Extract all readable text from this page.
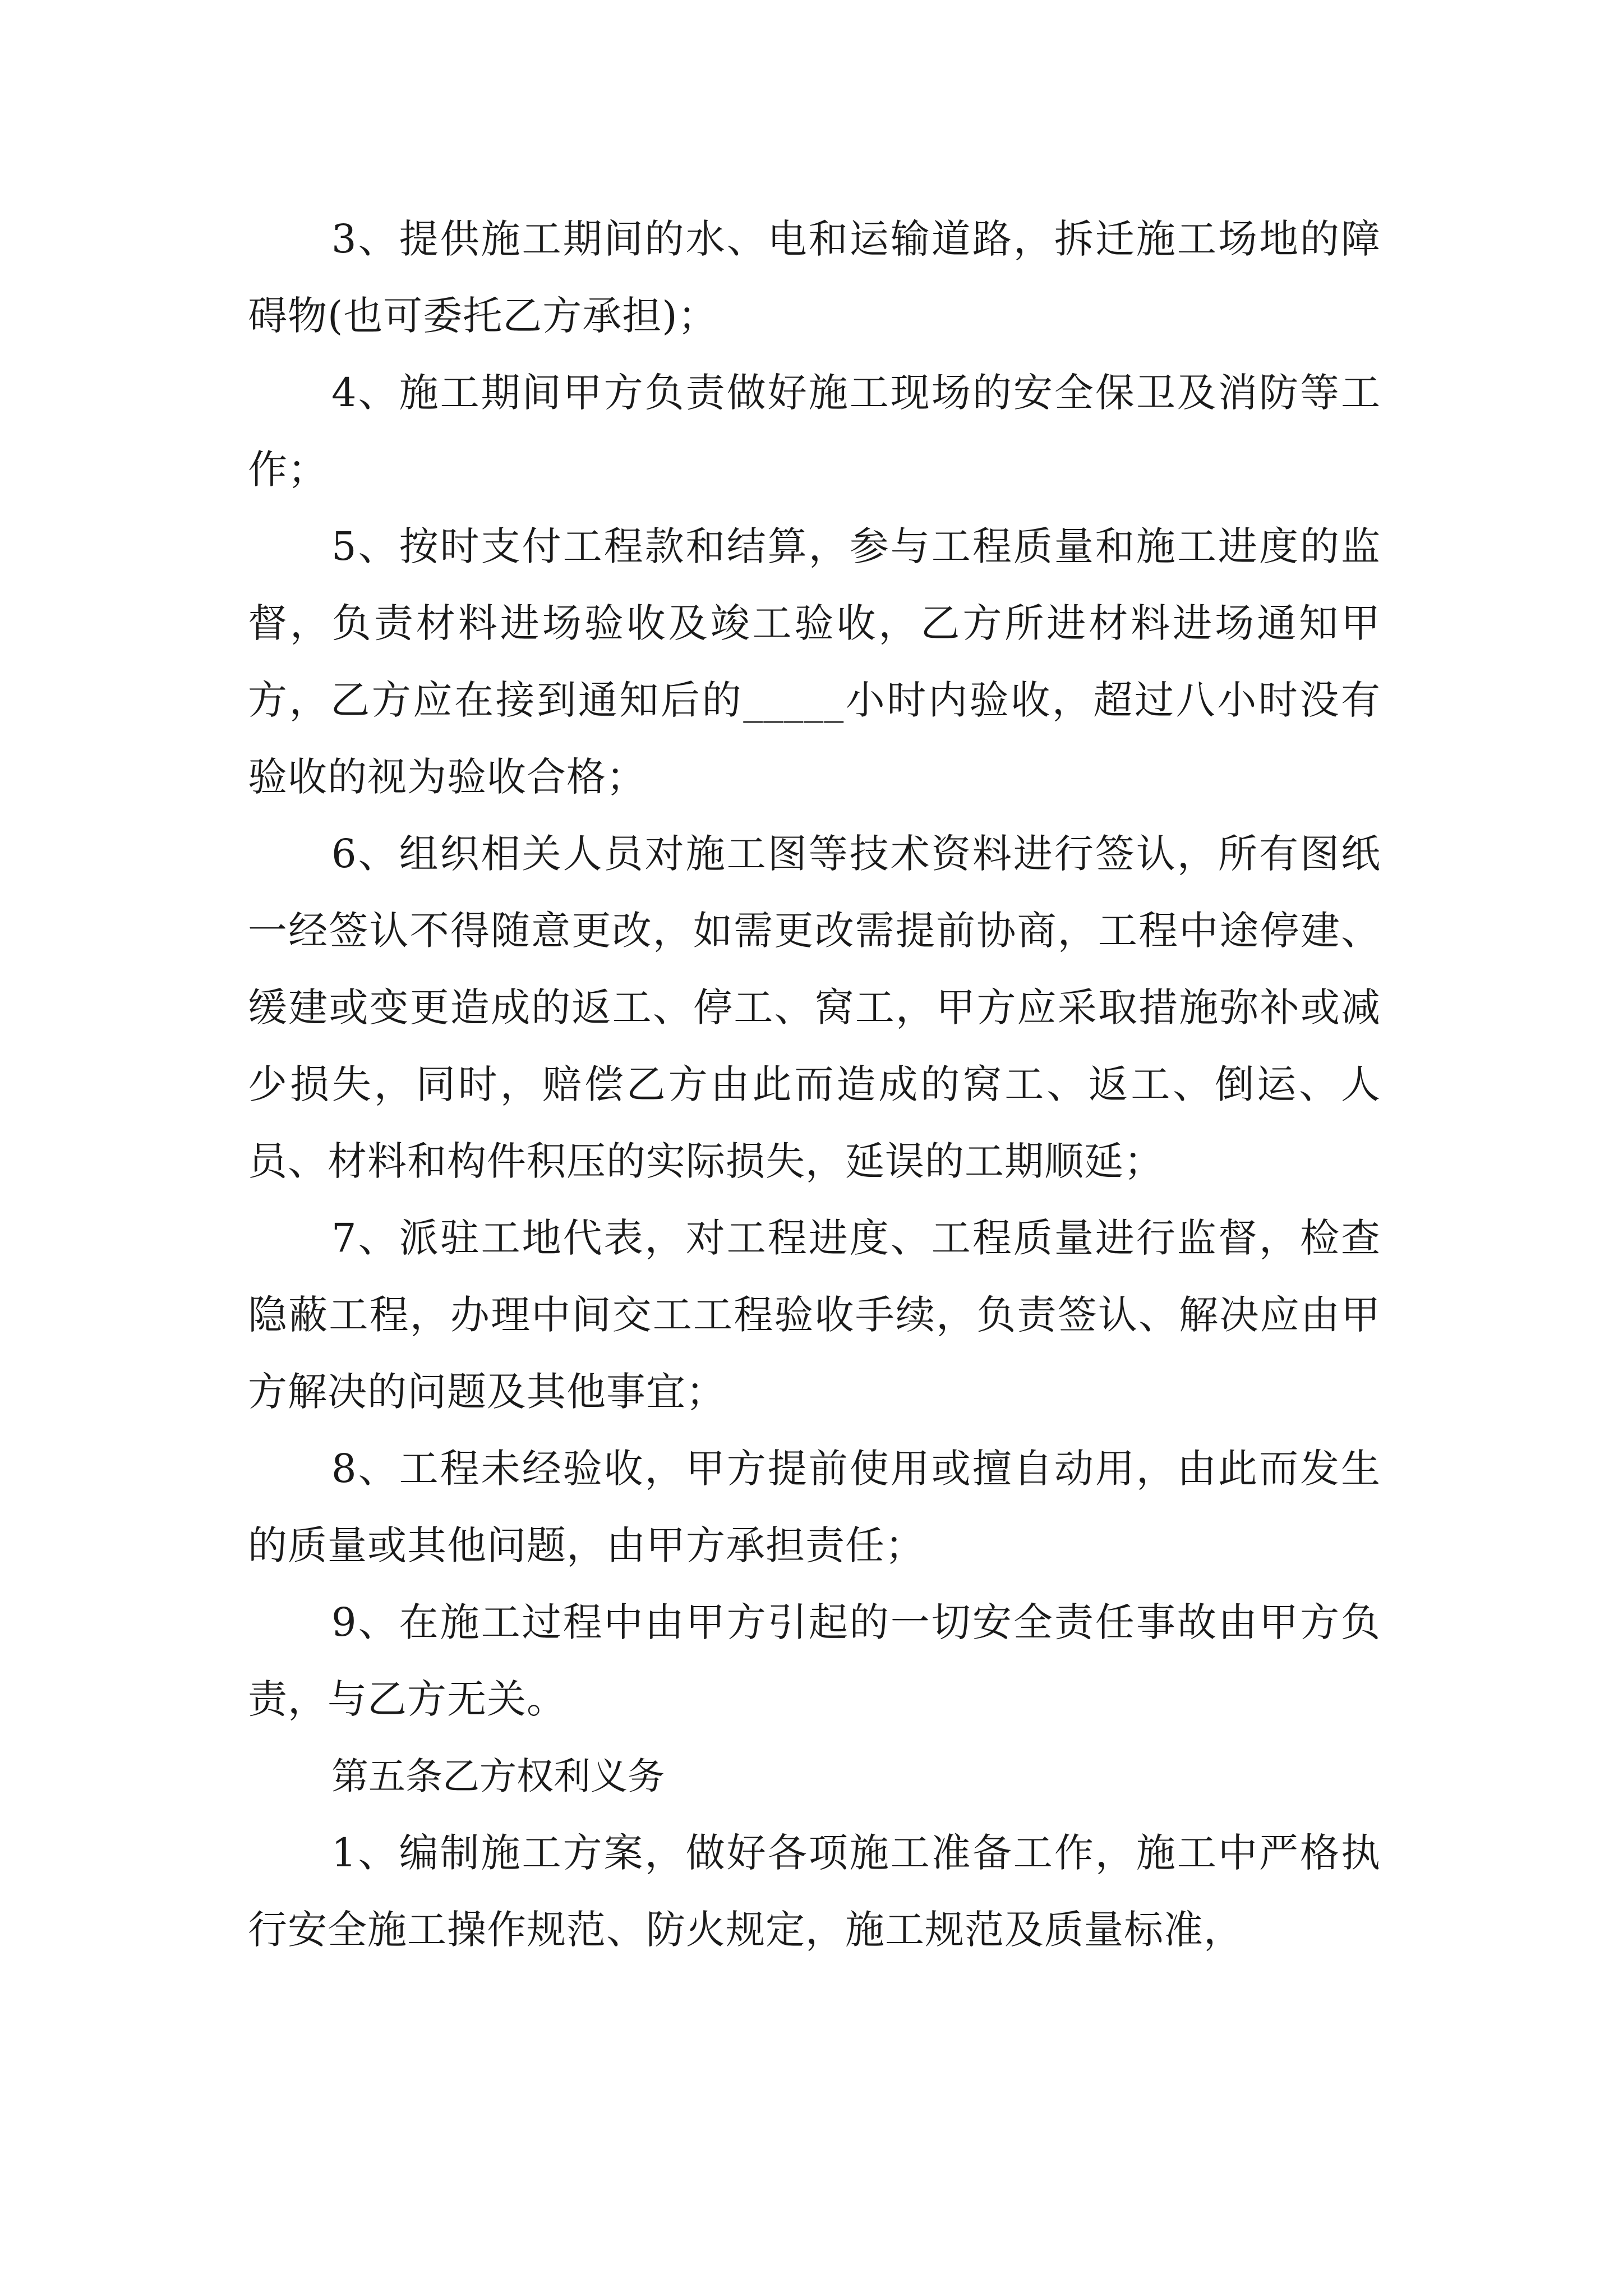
3、提供施工期间的水、电和运输道路，拆迁施工场地的障碍物(也可委托乙方承担)；

4、施工期间甲方负责做好施工现场的安全保卫及消防等工作；

5、按时支付工程款和结算，参与工程质量和施工进度的监督，负责材料进场验收及竣工验收，乙方所进材料进场通知甲方，乙方应在接到通知后的_____小时内验收，超过八小时没有验收的视为验收合格；

6、组织相关人员对施工图等技术资料进行签认，所有图纸一经签认不得随意更改，如需更改需提前协商，工程中途停建、缓建或变更造成的返工、停工、窝工，甲方应采取措施弥补或减少损失，同时，赔偿乙方由此而造成的窝工、返工、倒运、人员、材料和构件积压的实际损失，延误的工期顺延；

7、派驻工地代表，对工程进度、工程质量进行监督，检查隐蔽工程，办理中间交工工程验收手续，负责签认、解决应由甲方解决的问题及其他事宜；

8、工程未经验收，甲方提前使用或擅自动用，由此而发生的质量或其他问题，由甲方承担责任；

9、在施工过程中由甲方引起的一切安全责任事故由甲方负责，与乙方无关。

第五条乙方权利义务

1、编制施工方案，做好各项施工准备工作，施工中严格执行安全施工操作规范、防火规定，施工规范及质量标准，
